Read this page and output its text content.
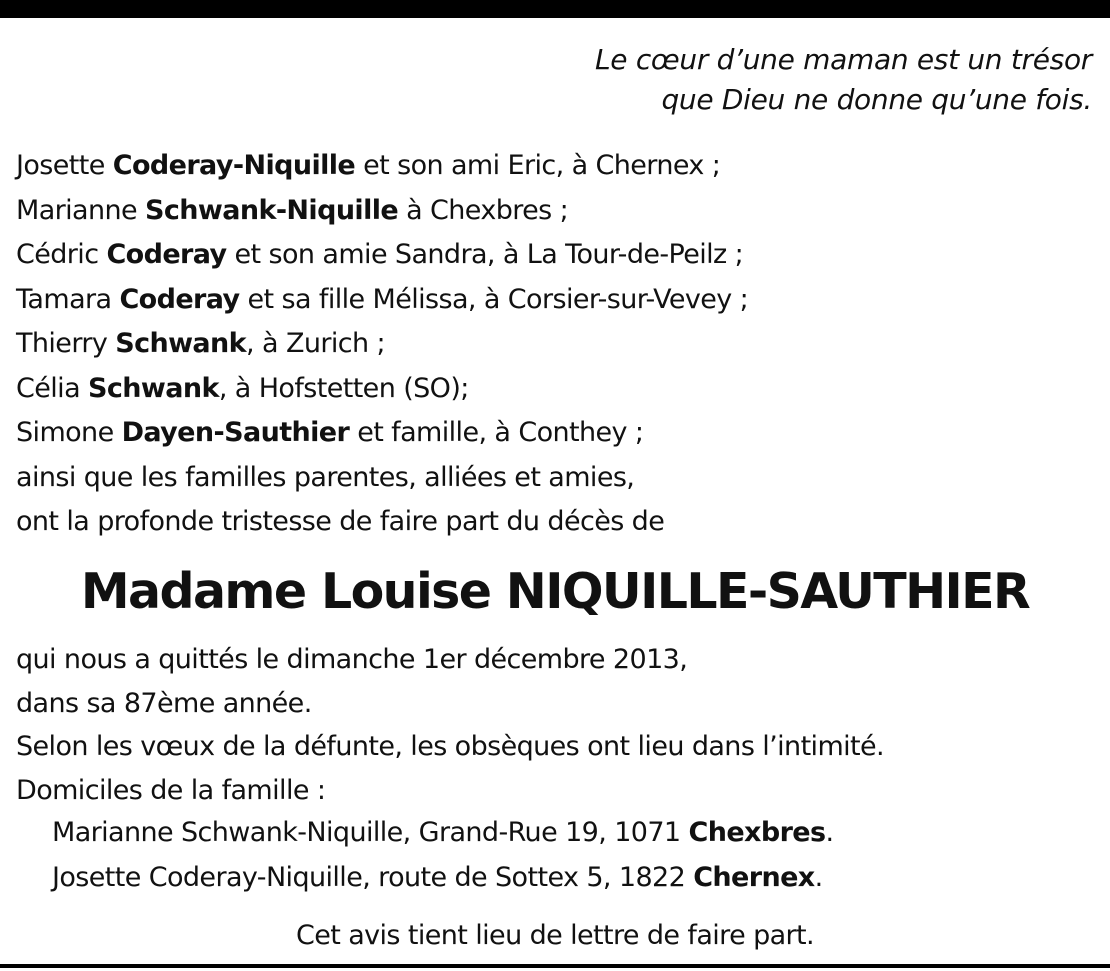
Le cœur d’une maman est un trésor
que Dieu ne donne qu’une fois.
Josette Coderay-Niquille et son ami Eric, à Chernex ;
Marianne Schwank-Niquille à Chexbres ;
Cédric Coderay et son amie Sandra, à La Tour-de-Peilz ;
Tamara Coderay et sa fille Mélissa, à Corsier-sur-Vevey ;
Thierry Schwank, à Zurich ;
Célia Schwank, à Hofstetten (SO);
Simone Dayen-Sauthier et famille, à Conthey ;
ainsi que les familles parentes, alliées et amies,
ont la profonde tristesse de faire part du décès de
Madame Louise NIQUILLE-SAUTHIER
qui nous a quittés le dimanche 1er décembre 2013,
dans sa 87ème année.
Selon les vœux de la défunte, les obsèques ont lieu dans l’intimité.
Domiciles de la famille :
Marianne Schwank-Niquille, Grand-Rue 19, 1071 Chexbres.
Josette Coderay-Niquille, route de Sottex 5, 1822 Chernex.
Cet avis tient lieu de lettre de faire part.
